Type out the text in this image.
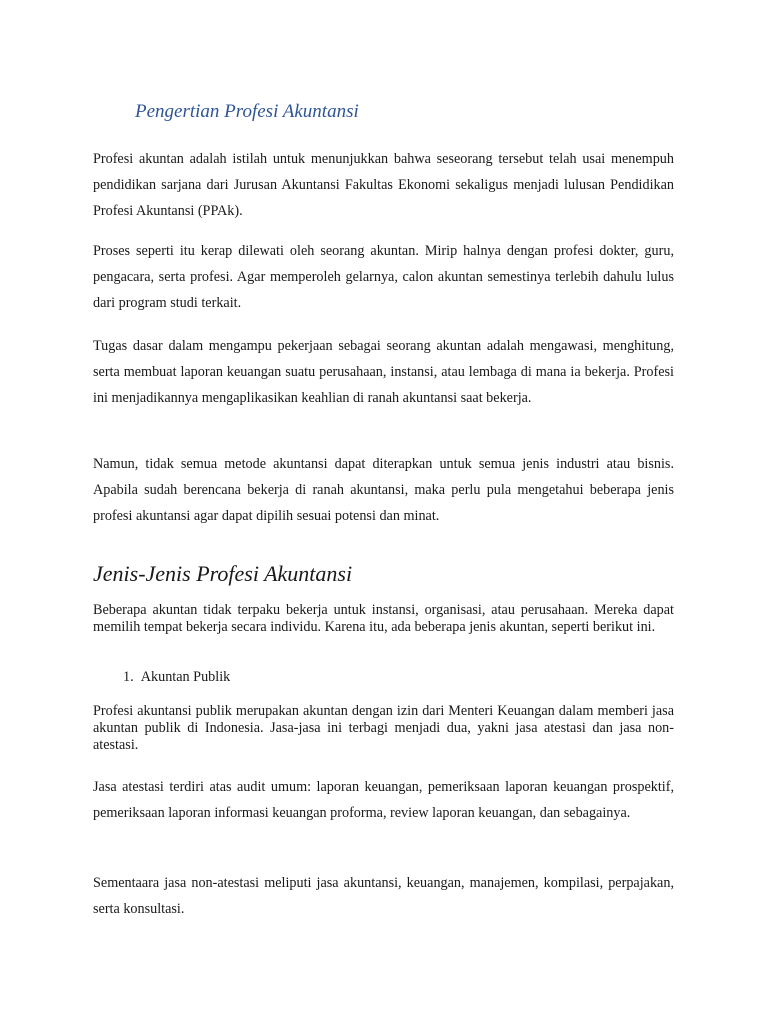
Pengertian Profesi Akuntansi

Profesi akuntan adalah istilah untuk menunjukkan bahwa seseorang tersebut telah usai menempuh pendidikan sarjana dari Jurusan Akuntansi Fakultas Ekonomi sekaligus menjadi lulusan Pendidikan Profesi Akuntansi (PPAk).

Proses seperti itu kerap dilewati oleh seorang akuntan. Mirip halnya dengan profesi dokter, guru, pengacara, serta profesi. Agar memperoleh gelarnya, calon akuntan semestinya terlebih dahulu lulus dari program studi terkait.

Tugas dasar dalam mengampu pekerjaan sebagai seorang akuntan adalah mengawasi, menghitung, serta membuat laporan keuangan suatu perusahaan, instansi, atau lembaga di mana ia bekerja. Profesi ini menjadikannya mengaplikasikan keahlian di ranah akuntansi saat bekerja.

Namun, tidak semua metode akuntansi dapat diterapkan untuk semua jenis industri atau bisnis. Apabila sudah berencana bekerja di ranah akuntansi, maka perlu pula mengetahui beberapa jenis profesi akuntansi agar dapat dipilih sesuai potensi dan minat.

Jenis-Jenis Profesi Akuntansi

Beberapa akuntan tidak terpaku bekerja untuk instansi, organisasi, atau perusahaan. Mereka dapat memilih tempat bekerja secara individu. Karena itu, ada beberapa jenis akuntan, seperti berikut ini.

1. Akuntan Publik

Profesi akuntansi publik merupakan akuntan dengan izin dari Menteri Keuangan dalam memberi jasa akuntan publik di Indonesia. Jasa-jasa ini terbagi menjadi dua, yakni jasa atestasi dan jasa non-atestasi.

Jasa atestasi terdiri atas audit umum: laporan keuangan, pemeriksaan laporan keuangan prospektif, pemeriksaan laporan informasi keuangan proforma, review laporan keuangan, dan sebagainya.

Sementaara jasa non-atestasi meliputi jasa akuntansi, keuangan, manajemen, kompilasi, perpajakan, serta konsultasi.
